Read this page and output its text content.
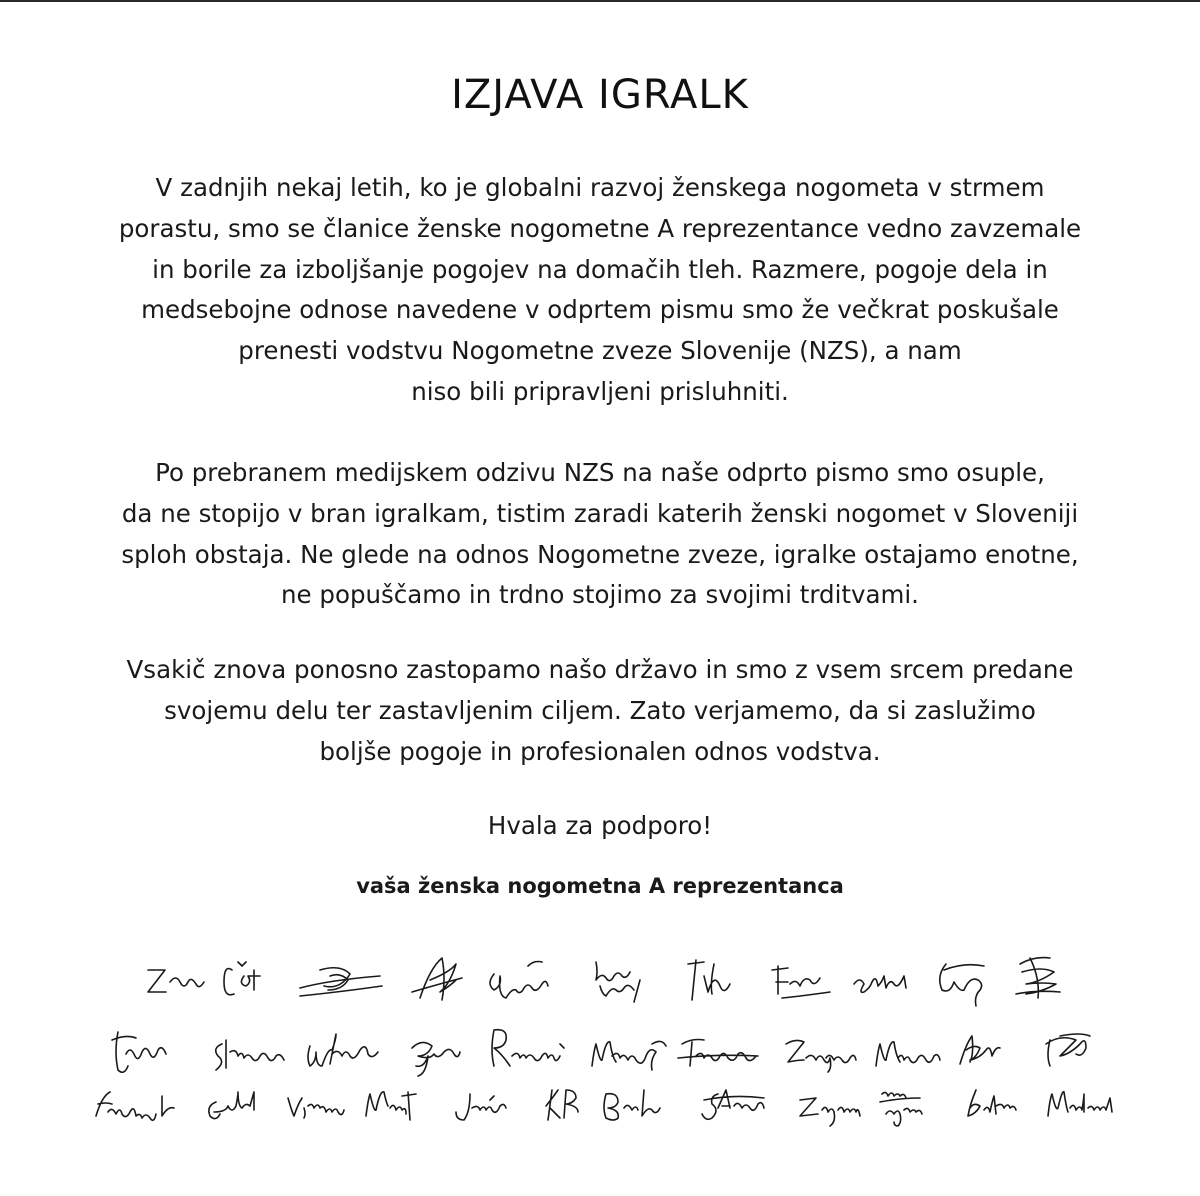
IZJAVA IGRALK
V zadnjih nekaj letih, ko je globalni razvoj ženskega nogometa v strmem
porastu, smo se članice ženske nogometne A reprezentance vedno zavzemale
in borile za izboljšanje pogojev na domačih tleh. Razmere, pogoje dela in
medsebojne odnose navedene v odprtem pismu smo že večkrat poskušale
prenesti vodstvu Nogometne zveze Slovenije (NZS), a nam
niso bili pripravljeni prisluhniti.
Po prebranem medijskem odzivu NZS na naše odprto pismo smo osuple,
da ne stopijo v bran igralkam, tistim zaradi katerih ženski nogomet v Sloveniji
sploh obstaja. Ne glede na odnos Nogometne zveze, igralke ostajamo enotne,
ne popuščamo in trdno stojimo za svojimi trditvami.
Vsakič znova ponosno zastopamo našo državo in smo z vsem srcem predane
svojemu delu ter zastavljenim ciljem. Zato verjamemo, da si zaslužimo
boljše pogoje in profesionalen odnos vodstva.
Hvala za podporo!
vaša ženska nogometna A reprezentanca
